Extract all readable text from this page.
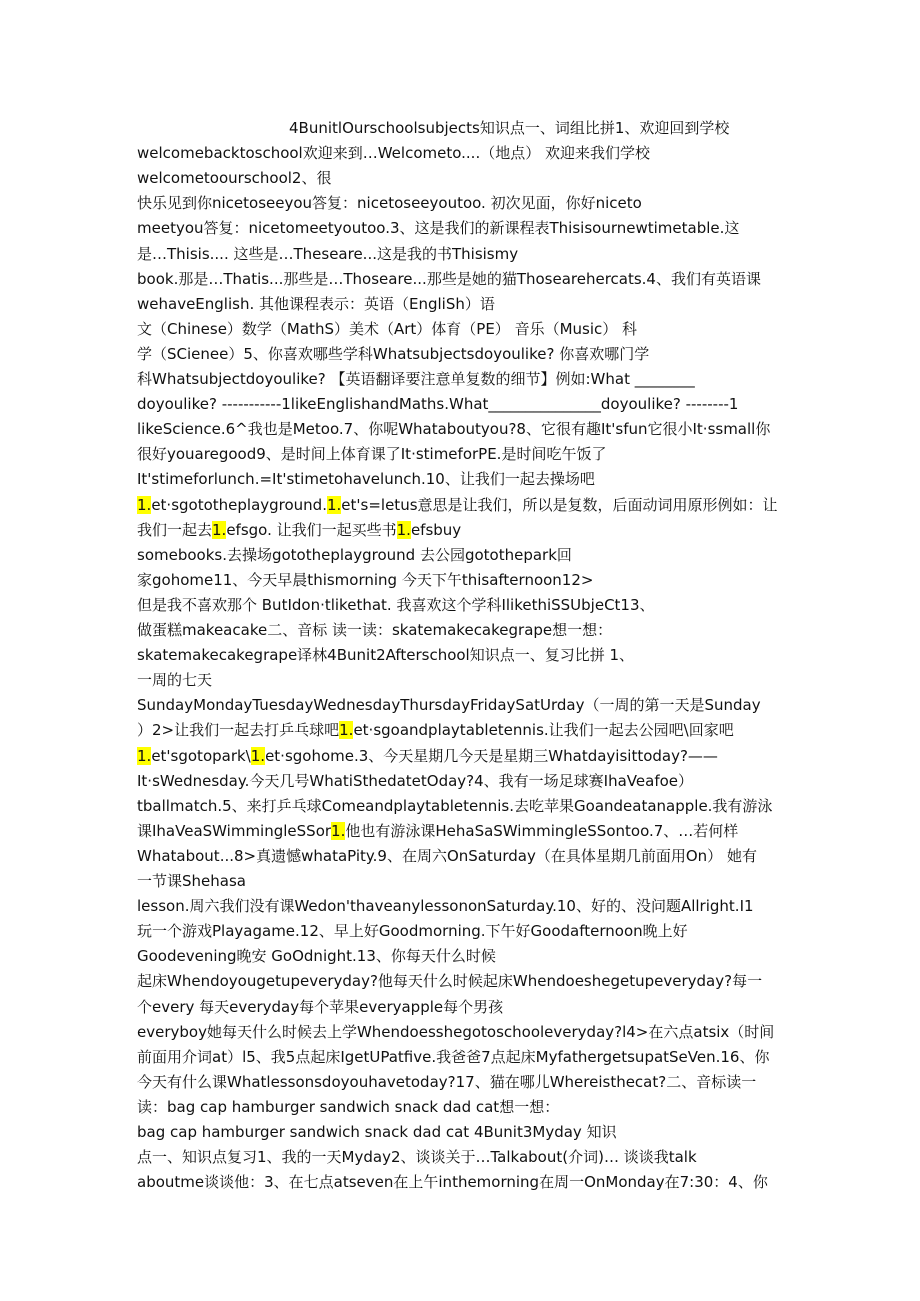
4BunitlOurschoolsubjects知识点一、词组比拼1、欢迎回到学校
welcomebacktoschool欢迎来到…Welcometo....（地点） 欢迎来我们学校
welcometoourschool2、很
快乐见到你nicetoseeyou答复：nicetoseeyoutoo. 初次见面，你好niceto
meetyou答复：nicetomeetyoutoo.3、这是我们的新课程表Thisisournewtimetable.这
是…Thisis.... 这些是…Theseare...这是我的书Thisismy
book.那是…Thatis...那些是…Thoseare...那些是她的猫Thosearehercats.4、我们有英语课
wehaveEnglish. 其他课程表示：英语（EngliSh）语
文（Chinese）数学（MathS）美术（Art）体育（PE） 音乐（Music） 科
学（SCienee）5、你喜欢哪些学科Whatsubjectsdoyoulike? 你喜欢哪门学
科Whatsubjectdoyoulike? 【英语翻译要注意单复数的细节】例如:What ________
doyoulike? -----------1likeEnglishandMaths.What_______________doyoulike? --------1
likeScience.6^我也是Metoo.7、你呢Whataboutyou?8、它很有趣It'sfun它很小It·ssmall你
很好youaregood9、是时间上体育课了It·stimeforPE.是时间吃午饭了
It'stimeforlunch.=It'stimetohavelunch.10、让我们一起去操场吧
1.et·sgototheplayground.1.et's=letus意思是让我们，所以是复数，后面动词用原形例如：让
我们一起去1.efsgo. 让我们一起买些书1.efsbuy
somebooks.去操场gototheplayground 去公园gotothepark回
家gohome11、今天早晨thismorning 今天下午thisafternoon12>
但是我不喜欢那个 ButIdon·tlikethat. 我喜欢这个学科IlikethiSSUbjeCt13、
做蛋糕makeacake二、音标 读一读：skatemakecakegrape想一想：
skatemakecakegrape译林4Bunit2Afterschool知识点一、复习比拼 1、
一周的七天
SundayMondayTuesdayWednesdayThursdayFridaySatUrday（一周的第一天是Sunday
）2>让我们一起去打乒乓球吧1.et·sgoandplaytabletennis.让我们一起去公园吧\回家吧
1.et'sgotopark\1.et·sgohome.3、今天星期几今天是星期三Whatdayisittoday?——
It·sWednesday.今天几号WhatiSthedatetOday?4、我有一场足球赛IhaVeafoe）
tballmatch.5、来打乒乓球Comeandplaytabletennis.去吃苹果Goandeatanapple.我有游泳
课IhaVeaSWimmingleSSor1.他也有游泳课HehaSaSWimmingleSSontoo.7、…若何样
Whatabout...8>真遗憾whataPity.9、在周六OnSaturday（在具体星期几前面用On） 她有
一节课Shehasa
lesson.周六我们没有课Wedon'thaveanylessononSaturday.10、好的、没问题Allright.I1
玩一个游戏Playagame.12、早上好Goodmorning.下午好Goodafternoon晚上好
Goodevening晚安 GoOdnight.13、你每天什么时候
起床Whendoyougetupeveryday?他每天什么时候起床Whendoeshegetupeveryday?每一
个every 每天everyday每个苹果everyapple每个男孩
everyboy她每天什么时候去上学Whendoesshegotoschooleveryday?l4>在六点atsix（时间
前面用介词at）l5、我5点起床IgetUPatfive.我爸爸7点起床MyfathergetsupatSeVen.16、你
今天有什么课Whatlessonsdoyouhavetoday?17、猫在哪儿Whereisthecat?二、音标读一
读：bag cap hamburger sandwich snack dad cat想一想：
bag cap hamburger sandwich snack dad cat 4Bunit3Myday 知识
点一、知识点复习1、我的一天Myday2、谈谈关于…Talkabout(介词)… 谈谈我talk
aboutme谈谈他：3、在七点atseven在上午inthemorning在周一OnMonday在7:30：4、你
